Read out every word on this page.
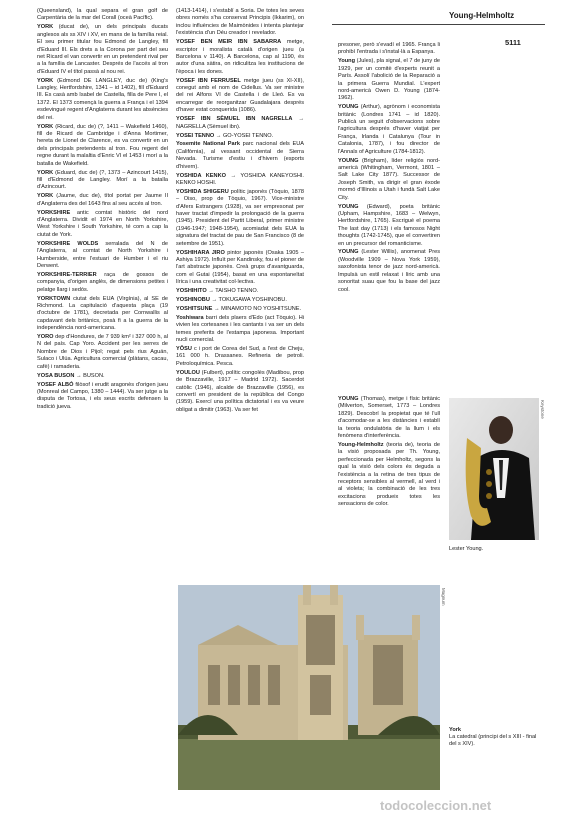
Young-Helmholtz
5111

(Queensland), la qual separa el gran golf de Carpentària de la mar del Corall (oceà Pacífic).

YORK (ducat de), un dels principals ducats anglesos als ss XIV i XV, en mans de la família reial. El seu primer titular fou Edmond de Langley, fill d'Eduard III. Els drets a la Corona per part del seu net Ricard el van convertir en un pretendent rival per a la família de Lancaster. Després de l'accés al tron d'Eduard IV el títol passà al nou rei.

YORK (Edmond DE LANGLEY, duc de) (King's Langley, Hertfordshire, 1341 – id 1402), fill d'Eduard III. Es casà amb Isabel de Castella, filla de Pere I, el 1372. El 1373 començà la guerra a França i el 1394 esdevingué regent d'Anglaterra durant les absències del rei.

YORK (Ricard, duc de) (?, 1411 – Wakefield 1460), fill de Ricard de Cambridge i d'Anna Mortimer, hereta de Lionel de Clarence, es va convertir en un dels principals pretendents al tron. Fou regent del regne durant la malaltia d'Enric VI el 1453 i morí a la batalla de Wakefield.

YORK (Eduard, duc de) (?, 1373 – Azincourt 1415), fill d'Edmond de Langley. Morí a la batalla d'Azincourt.

YORK (Jaume, duc de), títol portat per Jaume II d'Anglaterra des del 1643 fins al seu accés al tron.

YORKSHIRE antic comtat històric del nord d'Anglaterra. Dividit el 1974 en North Yorkshire, West Yorkshire i South Yorkshire, té com a cap la ciutat de York.

YORKSHIRE WOLDS serralada del N de l'Anglaterra, al comtat de North Yorkshire i Humberside, entre l'estuari de Humber i el riu Derwent.

YORKSHIRE-TERRIER raça de gossos de companyia, d'origen anglès, de dimensions petites i pelatge llarg i sedós.

YORKTOWN ciutat dels EUA (Virgínia), al SE de Richmond. La capitulació d'aquesta plaça (19 d'octubre de 1781), decretada per Cornwallis al capdavant dels britànics, posà fi a la guerra de la independència nord-americana.

YORO dep d'Hondures, de 7 939 km² i 327 000 h, al N del país. Cap Yoro. Accident per les serres de Nombre de Dios i Pijol; regat pels rius Aguán, Sulaco i Ulúa. Agricultura comercial (plàtans, cacau, cafè) i ramaderia.

YOSA BUSON → BUSON.

YOSEF ALBÓ filòsof i erudit aragonès d'origen jueu (Monreal del Campo, 1380 – 1444). Va ser jutge a la disputa de Tortosa, i els seus escrits defensen la tradició jueva.

(1413-1414), i s'establí a Soria. De totes les seves obres només s'ha conservat Principis (Ikkarim), on inclou influències de Maimònides i intenta plantejar l'existència d'un Déu creador i revelador.

YOSEF BEN MEIR IBN SABARRA metge, escriptor i moralista català d'origen jueu (a Barcelona v 1140). A Barcelona, cap al 1190, és autor d'una sàtira, on ridiculitza les institucions de l'època i les dones.

YOSEF IBN FERRUSEL metge jueu (ss XI-XII), conegut amb el nom de Cidellus. Va ser ministre del rei Alfons VI de Castella i de Lleó. Es va encarregar de reorganitzar Guadalajara després d'haver estat conquerida (1086).

YOSEF IBN SÈMUEL IBN NAGRELLA → NAGRELLA (Sèmuel ibn).

YOSEI TENNO → GO-YOSEI TENNO.

Yosemite National Park parc nacional dels EUA (Califòrnia), al vessant occidental de Sierra Nevada. Turisme d'estiu i d'hivern (esports d'hivern).

YOSHIDA KENKO → YOSHIDA KANEYOSHI. KENKO HOSHI.

YOSHIDA SHIGERU polític japonès (Tòquio, 1878 – Oiso, prop de Tòquio, 1967). Vice-ministre d'Afers Estrangers (1928), va ser empresonat per haver tractat d'impedir la prolongació de la guerra (1945). President del Partit Liberal, primer ministre (1946-1947; 1948-1954), acomiadat dels EUA la signatura del tractat de pau de San Francisco (8 de setembre de 1951).

YOSHIHARA JIRO pintor japonès (Osaka 1905 – Ashiya 1972). Influït per Kandinsky, fou el pioner de l'art abstracte japonès. Creà grups d'avantguarda, com el Gutai (1954), basat en una espontaneïtat lírica i una creativitat col·lectiva.

YOSHIHITO → TAISHO TENNO.

YOSHINOBU → TOKUGAWA YOSHINOBU.

YOSHITSUNE → MINAMOTO NO YOSHITSUNE.

Yoshiwara barri dels plaers d'Edo (act Tòquio). Hi vivien les cortesanes i les cantants i va ser un dels temes preferits de l'estampa japonesa. Important nucli comercial.

YÔSU c i port de Corea del Sud, a l'est de Cheju, 161 000 h. Drassanes. Refineria de petroli. Petroloquímica. Pesca.

YOULOU (Fulbert), polític congolès (Madibou, prop de Brazzaville, 1917 – Madrid 1972). Sacerdot catòlic (1946), alcalde de Brazzaville (1956), es convertí en president de la república del Congo (1959). Exercí una política dictatorial i es va veure obligat a dimitir (1963). Va ser fet

presoner, però s'evadí el 1965. França li prohibí l'entrada i s'instal·là a Espanya.

Young (Jules), pla signal, el 7 de juny de 1929, per un comitè d'experts reunit a París. Assolí l'abolició de la Reparació a la primera Guerra Mundial. L'expert nord-americà Owen D. Young (1874-1962).

YOUNG (Arthur), agrònom i economista britànic (Londres 1741 – id 1820). Publicà un seguit d'observacions sobre l'agricultura després d'haver viatjat per França, Irlanda i Catalunya (Tour in Catalonia, 1787), i fou director de l'Annals of Agriculture (1784-1812).

YOUNG (Brigham), líder religiós nord-americà (Whitingham, Vermont, 1801 – Salt Lake City 1877). Successor de Joseph Smith, va dirigir el gran èxode mormó d'Illinois a Utah i fundà Salt Lake City.

YOUNG (Edward), poeta britànic (Upham, Hampshire, 1683 – Welwyn, Hertfordshire, 1765). Escrigué el poema The last day (1713) i els famosos Night thoughts (1742-1745), que el convertiren en un precursor del romanticisme.

YOUNG (Lester Willis), anomenat Pres (Woodville 1909 – Nova York 1959), saxofonista tenor de jazz nord-americà. Impulsà un estil relaxat i líric amb una sonoritat suau que fou la base del jazz cool.

YOUNG (Thomas), metge i físic britànic (Milverton, Somerset, 1773 – Londres 1829). Descobrí la propietat que té l'ull d'acomodar-se a les distàncies i establí la teoria ondulatòria de la llum i els fenòmens d'interferència.

Young-Helmholtz (teoria de), teoria de la visió proposada per Th. Young, perfeccionada per Helmholtz, segons la qual la visió dels colors és deguda a l'existència a la retina de tres tipus de receptors sensibles al vermell, al verd i al violeta; la combinació de les tres excitacions produeix totes les sensacions de color.

Lester Young.
Keystone
Magnum
York
La catedral (principi del s XIII - final del s XIV).
todocoleccion.net
